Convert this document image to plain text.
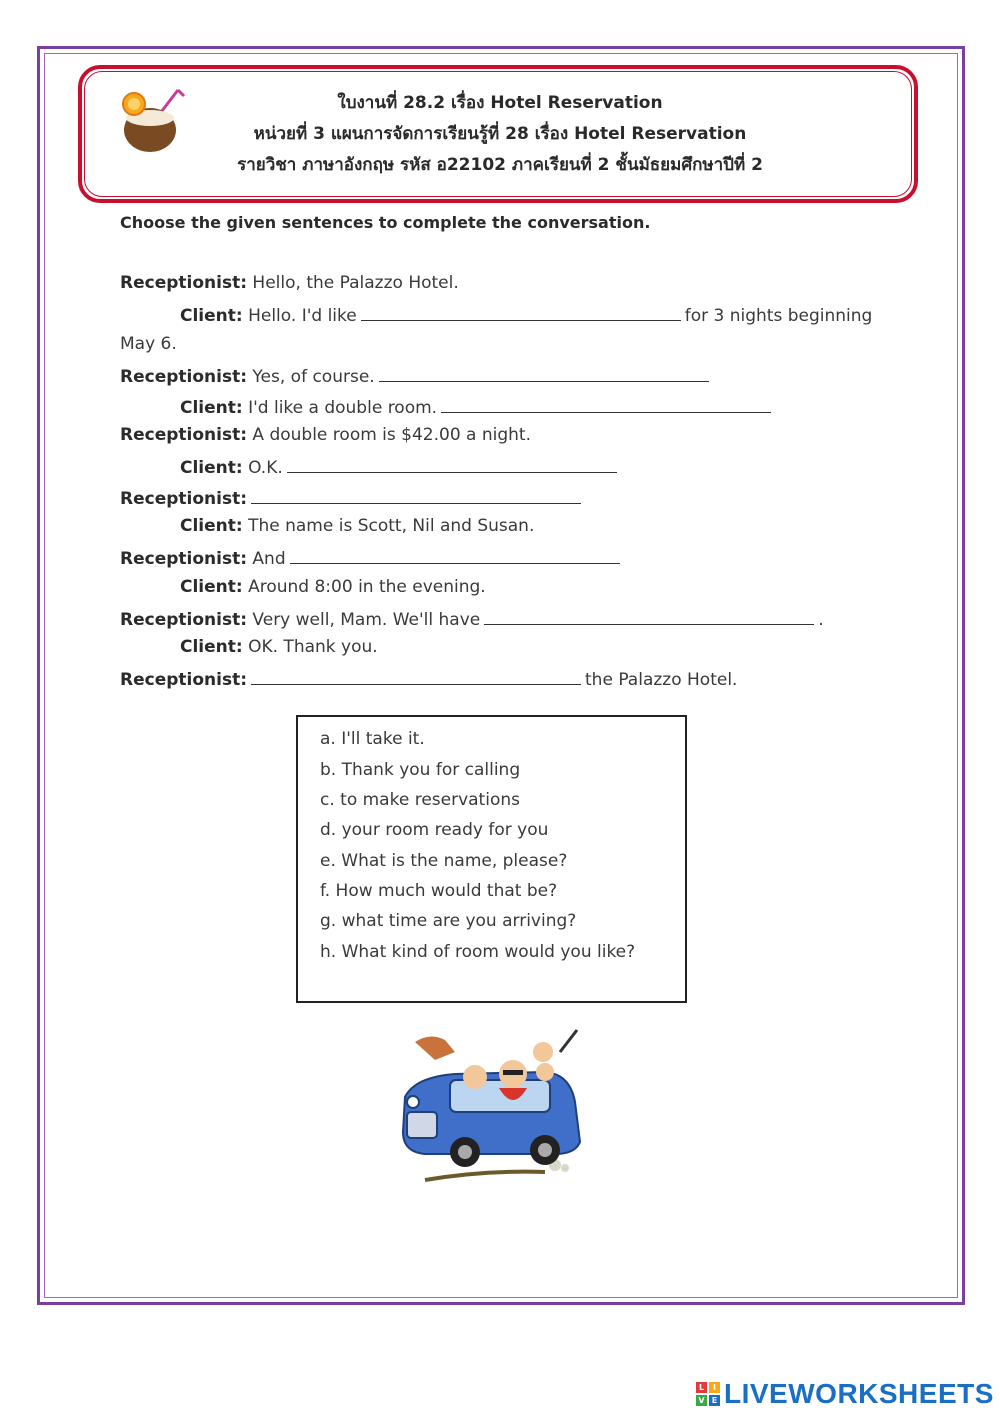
ใบงานที่ 28.2 เรื่อง Hotel Reservation
หน่วยที่ 3 แผนการจัดการเรียนรู้ที่ 28 เรื่อง Hotel Reservation
รายวิชา ภาษาอังกฤษ รหัส อ22102 ภาคเรียนที่ 2 ชั้นมัธยมศึกษาปีที่ 2
Choose the given sentences to complete the conversation.
Receptionist: Hello, the Palazzo Hotel.
Client: Hello. I'd like	for 3 nights beginning
May 6.
Receptionist: Yes, of course.
Client: I'd like a double room.
Receptionist: A double room is $42.00 a night.
Client: O.K.
Receptionist:
Client: The name is Scott, Nil and Susan.
Receptionist: And
Client: Around 8:00 in the evening.
Receptionist: Very well, Mam. We'll have	.
Client: OK. Thank you.
Receptionist:	the Palazzo Hotel.
a. I'll take it.
b. Thank you for calling
c. to make reservations
d. your room ready for you
e. What is the name, please?
f. How much would that be?
g. what time are you arriving?
h. What kind of room would you like?
L	I
V E LIVEWORKSHEETS
